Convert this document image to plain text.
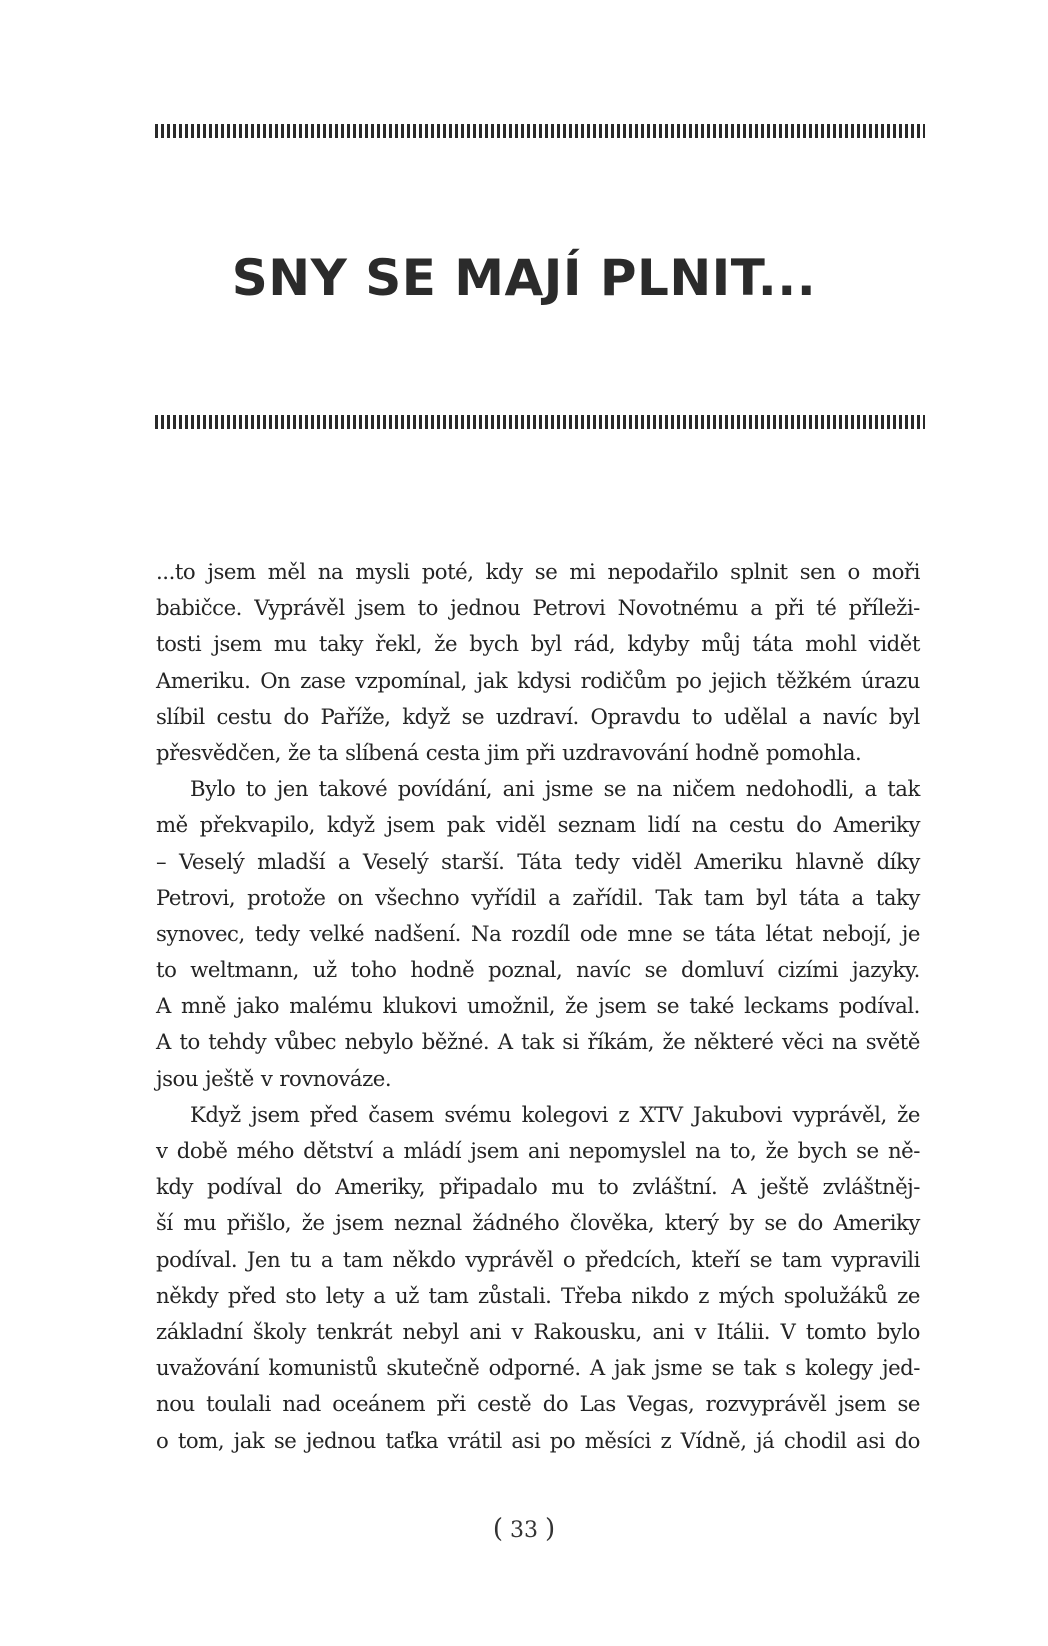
SNY SE MAJÍ PLNIT...
...to jsem měl na mysli poté, kdy se mi nepodařilo splnit sen o moři
babičce. Vyprávěl jsem to jednou Petrovi Novotnému a při té příleži-
tosti jsem mu taky řekl, že bych byl rád, kdyby můj táta mohl vidět
Ameriku. On zase vzpomínal, jak kdysi rodičům po jejich těžkém úrazu
slíbil cestu do Paříže, když se uzdraví. Opravdu to udělal a navíc byl
přesvědčen, že ta slíbená cesta jim při uzdravování hodně pomohla.
Bylo to jen takové povídání, ani jsme se na ničem nedohodli, a tak
mě překvapilo, když jsem pak viděl seznam lidí na cestu do Ameriky
– Veselý mladší a Veselý starší. Táta tedy viděl Ameriku hlavně díky
Petrovi, protože on všechno vyřídil a zařídil. Tak tam byl táta a taky
synovec, tedy velké nadšení. Na rozdíl ode mne se táta létat nebojí, je
to weltmann, už toho hodně poznal, navíc se domluví cizími jazyky.
A mně jako malému klukovi umožnil, že jsem se také leckams podíval.
A to tehdy vůbec nebylo běžné. A tak si říkám, že některé věci na světě
jsou ještě v rovnováze.
Když jsem před časem svému kolegovi z XTV Jakubovi vyprávěl, že
v době mého dětství a mládí jsem ani nepomyslel na to, že bych se ně-
kdy podíval do Ameriky, připadalo mu to zvláštní. A ještě zvláštněj-
ší mu přišlo, že jsem neznal žádného člověka, který by se do Ameriky
podíval. Jen tu a tam někdo vyprávěl o předcích, kteří se tam vypravili
někdy před sto lety a už tam zůstali. Třeba nikdo z mých spolužáků ze
základní školy tenkrát nebyl ani v Rakousku, ani v Itálii. V tomto bylo
uvažování komunistů skutečně odporné. A jak jsme se tak s kolegy jed-
nou toulali nad oceánem při cestě do Las Vegas, rozvyprávěl jsem se
o tom, jak se jednou taťka vrátil asi po měsíci z Vídně, já chodil asi do
( 33 )
